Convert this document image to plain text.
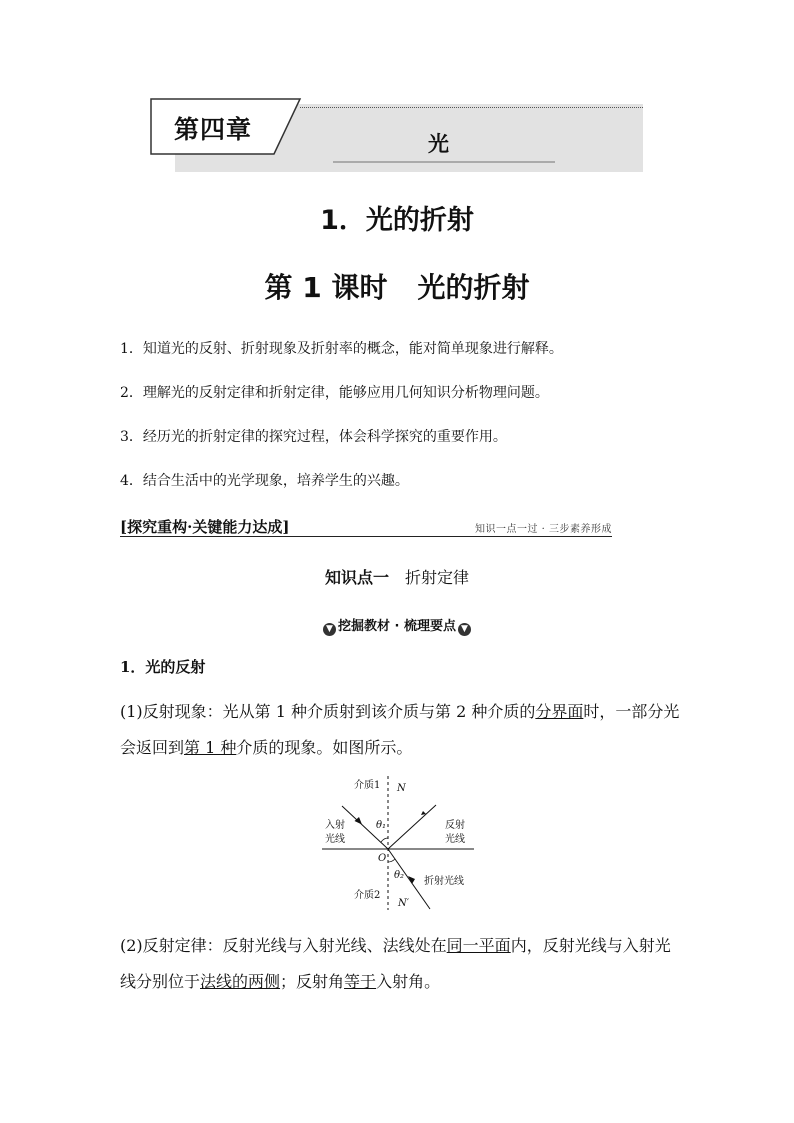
第四章	光
1．光的折射
第 1 课时 光的折射
1．知道光的反射、折射现象及折射率的概念，能对简单现象进行解释。
2．理解光的反射定律和折射定律，能够应用几何知识分析物理问题。
3．经历光的折射定律的探究过程，体会科学探究的重要作用。
4．结合生活中的光学现象，培养学生的兴趣。
[探究重构·关键能力达成]	知识一点一过 · 三步素养形成
知识点一 折射定律
▼ 挖掘教材 · 梳理要点 ▼
1．光的反射
(1)反射现象：光从第 1 种介质射到该介质与第 2 种介质的分界面时，一部分光会返回到第 1 种介质的现象。如图所示。
介质1 N
入射
光线
反射
光线
θ₁
O
θ₂
折射光线
介质2
N′
(2)反射定律：反射光线与入射光线、法线处在同一平面内，反射光线与入射光线分别位于法线的两侧；反射角等于入射角。
